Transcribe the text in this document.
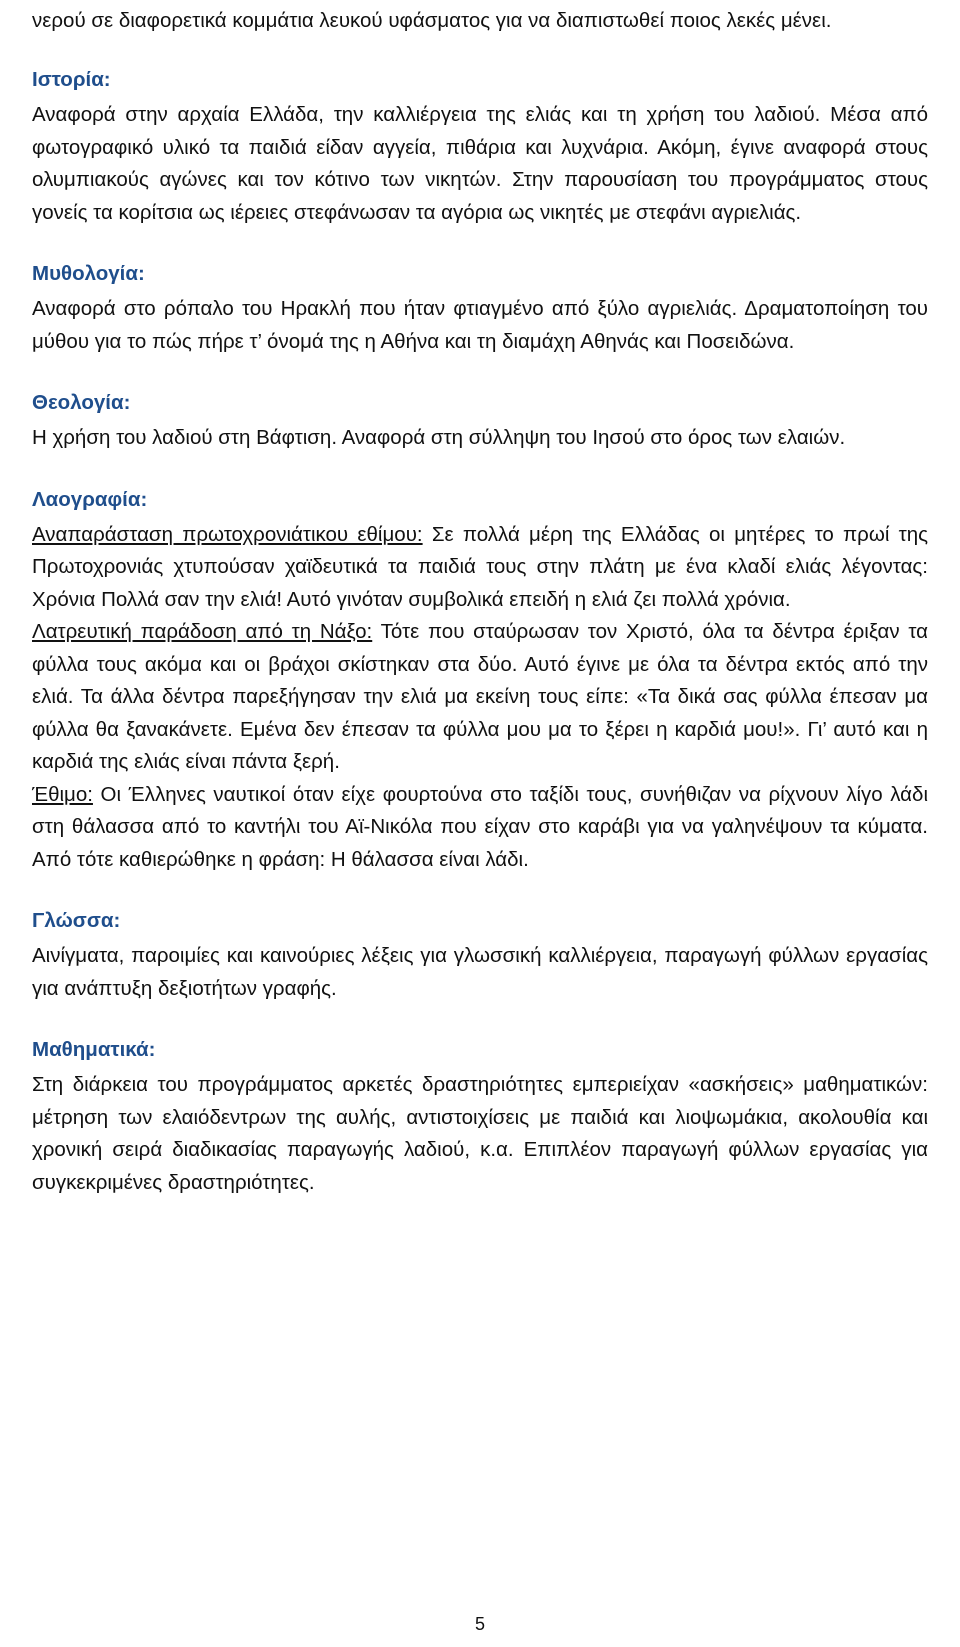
νερού σε διαφορετικά κομμάτια λευκού υφάσματος για να διαπιστωθεί ποιος λεκές μένει.

Ιστορία:

Αναφορά στην αρχαία Ελλάδα, την καλλιέργεια της ελιάς και τη χρήση του λαδιού. Μέσα από φωτογραφικό υλικό τα παιδιά είδαν αγγεία, πιθάρια και λυχνάρια. Ακόμη, έγινε αναφορά στους ολυμπιακούς αγώνες και τον κότινο των νικητών. Στην παρουσίαση του προγράμματος στους γονείς τα κορίτσια ως ιέρειες στεφάνωσαν τα αγόρια ως νικητές με στεφάνι αγριελιάς.

Μυθολογία:

Αναφορά στο ρόπαλο του Ηρακλή που ήταν φτιαγμένο από ξύλο αγριελιάς. Δραματοποίηση του μύθου για το πώς πήρε τ’ όνομά της η Αθήνα και τη διαμάχη Αθηνάς και Ποσειδώνα.

Θεολογία:

Η χρήση του λαδιού στη Βάφτιση. Αναφορά στη σύλληψη του Ιησού στο όρος των ελαιών.

Λαογραφία:

Αναπαράσταση πρωτοχρονιάτικου εθίμου: Σε πολλά μέρη της Ελλάδας οι μητέρες το πρωί της Πρωτοχρονιάς χτυπούσαν χαϊδευτικά τα παιδιά τους στην πλάτη με ένα κλαδί ελιάς λέγοντας: Χρόνια Πολλά σαν την ελιά! Αυτό γινόταν συμβολικά επειδή η ελιά ζει πολλά χρόνια.

Λατρευτική παράδοση από τη Νάξο: Τότε που σταύρωσαν τον Χριστό, όλα τα δέντρα έριξαν τα φύλλα τους ακόμα και οι βράχοι σκίστηκαν στα δύο. Αυτό έγινε με όλα τα δέντρα εκτός από την ελιά. Τα άλλα δέντρα παρεξήγησαν την ελιά μα εκείνη τους είπε: «Τα δικά σας φύλλα έπεσαν μα φύλλα θα ξανακάνετε. Εμένα δεν έπεσαν τα φύλλα μου μα το ξέρει η καρδιά μου!». Γι’ αυτό και η καρδιά της ελιάς είναι πάντα ξερή.

Έθιμο: Οι Έλληνες ναυτικοί όταν είχε φουρτούνα στο ταξίδι τους, συνήθιζαν να ρίχνουν λίγο λάδι στη θάλασσα από το καντήλι του Αϊ-Νικόλα που είχαν στο καράβι για να γαληνέψουν τα κύματα. Από τότε καθιερώθηκε η φράση: Η θάλασσα είναι λάδι.

Γλώσσα:

Αινίγματα, παροιμίες και καινούριες λέξεις για γλωσσική καλλιέργεια, παραγωγή φύλλων εργασίας για ανάπτυξη δεξιοτήτων γραφής.

Μαθηματικά:

Στη διάρκεια του προγράμματος αρκετές δραστηριότητες εμπεριείχαν «ασκήσεις» μαθηματικών: μέτρηση των ελαιόδεντρων της αυλής, αντιστοιχίσεις με παιδιά και λιοψωμάκια, ακολουθία και χρονική σειρά διαδικασίας παραγωγής λαδιού, κ.α. Επιπλέον παραγωγή φύλλων εργασίας για συγκεκριμένες δραστηριότητες.

5
